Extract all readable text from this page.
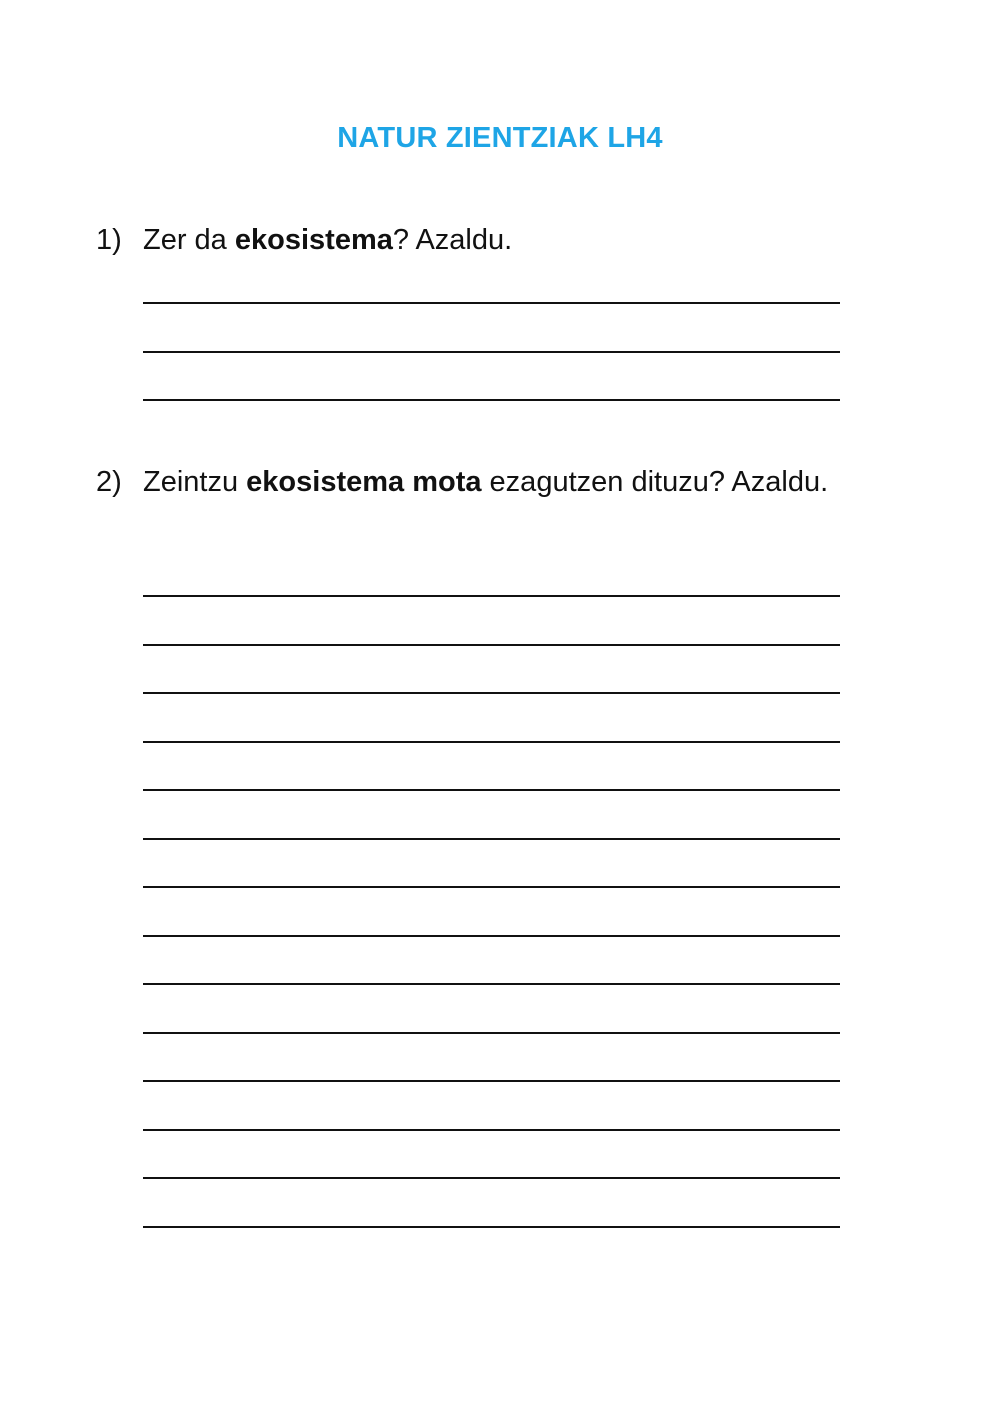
NATUR ZIENTZIAK LH4
1) Zer da ekosistema? Azaldu.
2) Zeintzu ekosistema mota ezagutzen dituzu? Azaldu.
